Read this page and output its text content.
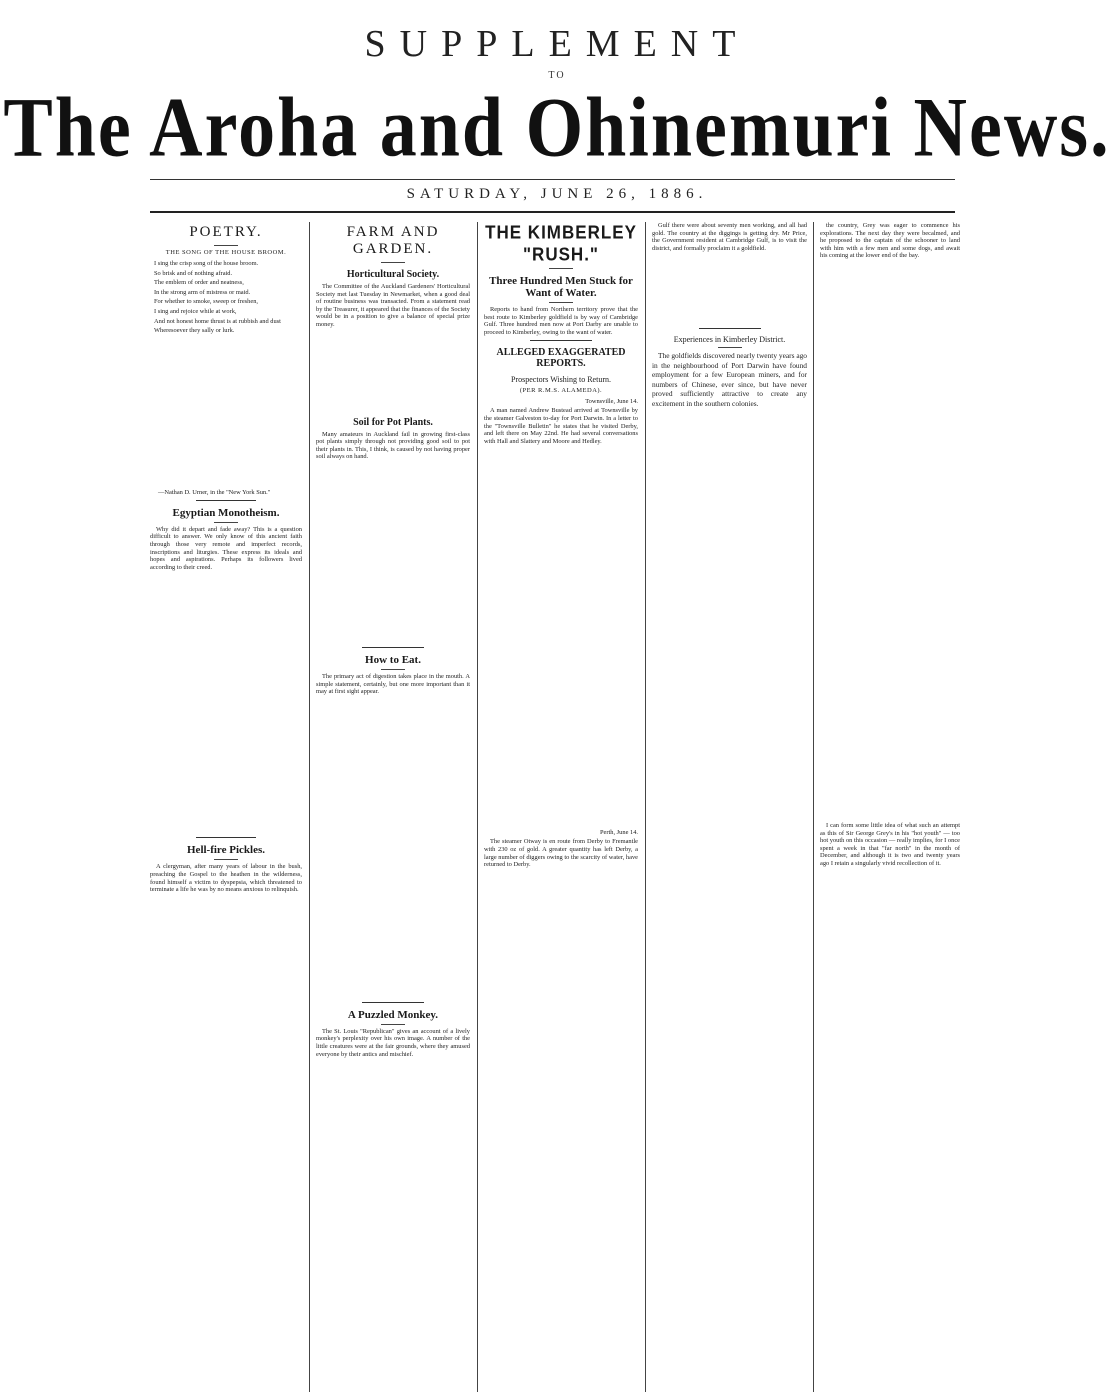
SUPPLEMENT
TO
The Aroha and Ohinemuri News.
SATURDAY, JUNE 26, 1886.
POETRY.
THE SONG OF THE HOUSE BROOM.

I sing the crisp song of the house broom.

So brisk and of nothing afraid.

The emblem of order and neatness,

In the strong arm of mistress or maid.

For whether to smoke, sweep or freshen,

I sing and rejoice while at work,

And not honest home thrust is at rubbish and dust

Wheresoever they sally or lurk.

—Nathan D. Urner, in the "New York Sun."
Egyptian Monotheism.

Why did it depart and fade away? This is a question difficult to answer. We only know of this ancient faith through those very remote and imperfect records, inscriptions and liturgies. These express its ideals and hopes and aspirations. Perhaps its followers lived according to their creed.

Hell-fire Pickles.

A clergyman, after many years of labour in the bush, preaching the Gospel to the heathen in the wilderness, found himself a victim to dyspepsia, which threatened to terminate a life he was by no means anxious to relinquish.

FARM AND GARDEN.
Horticultural Society.

The Committee of the Auckland Gardeners' Horticultural Society met last Tuesday in Newmarket, when a good deal of routine business was transacted. From a statement read by the Treasurer, it appeared that the finances of the Society would be in a position to give a balance of special prize money.

Soil for Pot Plants.

Many amateurs in Auckland fail in growing first-class pot plants simply through not providing good soil to pot their plants in. This, I think, is caused by not having proper soil always on hand.

How to Eat.

The primary act of digestion takes place in the mouth. A simple statement, certainly, but one more important than it may at first sight appear.

A Puzzled Monkey.

The St. Louis "Republican" gives an account of a lively monkey's perplexity over his own image. A number of the little creatures were at the fair grounds, where they amused everyone by their antics and mischief.

THE KIMBERLEY "RUSH."
Three Hundred Men Stuck for Want of Water.

Reports to hand from Northern territory prove that the best route to Kimberley goldfield is by way of Cambridge Gulf. Three hundred men now at Port Darby are unable to proceed to Kimberley, owing to the want of water.

ALLEGED EXAGGERATED REPORTS.
Prospectors Wishing to Return.
(PER R.M.S. ALAMEDA).
Townsville, June 14.

A man named Andrew Bustead arrived at Townsville by the steamer Galveston to-day for Port Darwin. In a letter to the "Townsville Bulletin" he states that he visited Derby, and left there on May 22nd. He had several conversations with Hall and Slattery and Moore and Hedley.

Perth, June 14.

The steamer Otway is en route from Derby to Fremantle with 230 oz of gold. A greater quantity has left Derby, a large number of diggers owing to the scarcity of water, have returned to Derby.

Gulf there were about seventy men working, and all had gold. The country at the diggings is getting dry. Mr Price, the Government resident at Cambridge Gulf, is to visit the district, and formally proclaim it a goldfield.

Experiences in Kimberley District.

The goldfields discovered nearly twenty years ago in the neighbourhood of Port Darwin have found employment for a few European miners, and for numbers of Chinese, ever since, but have never proved sufficiently attractive to create any excitement in the southern colonies.

the country, Grey was eager to commence his explorations. The next day they were becalmed, and he proposed to the captain of the schooner to land with him with a few men and some dogs, and await his coming at the lower end of the bay.

I can form some little idea of what such an attempt as this of Sir George Grey's in his "hot youth" — too hot youth on this occasion — really implies, for I once spent a week in that "far north" in the month of December, and although it is two and twenty years ago I retain a singularly vivid recollection of it.
